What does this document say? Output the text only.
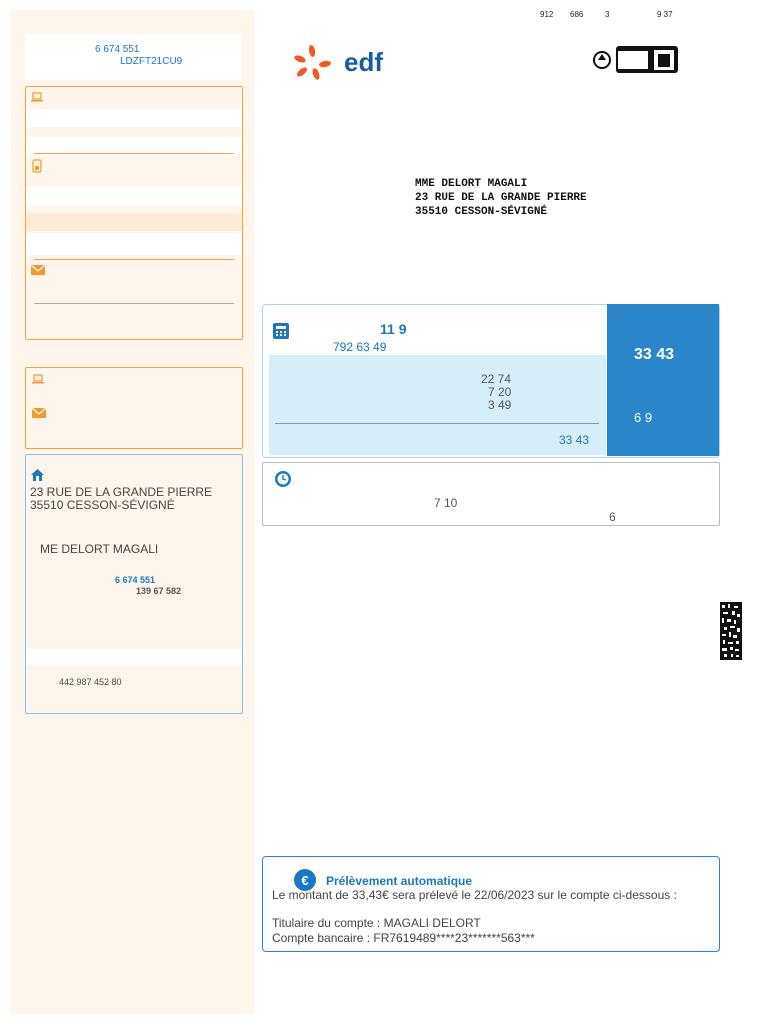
912 686	3	9 37
edf
6 674 551
LDZFT21CU9
23 RUE DE LA GRANDE PIERRE
35510 CESSON-SÉVIGNÉ
ME DELORT MAGALI
6 674 551
139 67 582
442 987 452 80
MME DELORT MAGALI
23 RUE DE LA GRANDE PIERRE
35510 CESSON-SÉVIGNÉ
11 9
792 63 49
22 74
7 20
3 49
33 43
33 43
6 9
7 10
6
€ Prélèvement automatique
Le montant de 33,43€ sera prélevé le 22/06/2023 sur le compte ci-dessous :
Titulaire du compte : MAGALI DELORT
Compte bancaire : FR7619489****23*******563***
